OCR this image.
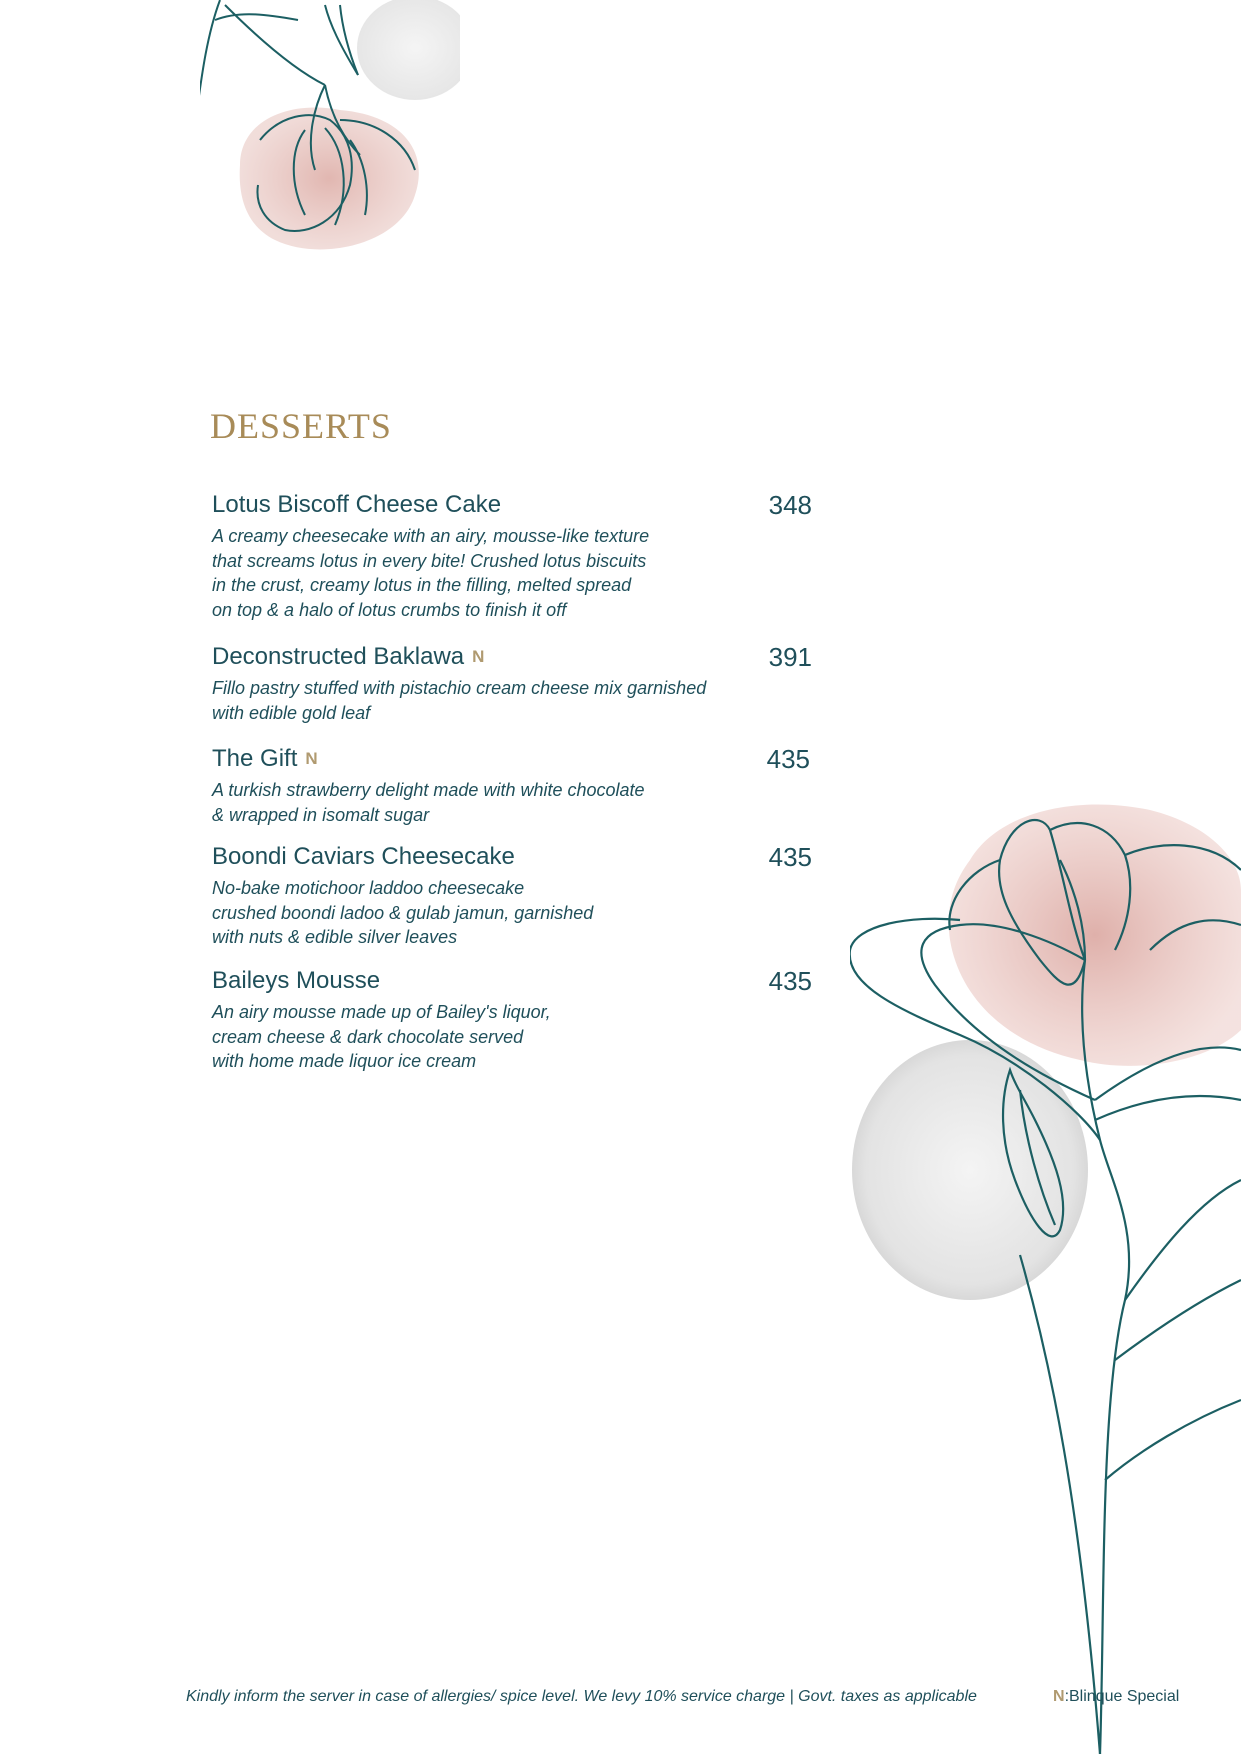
DESSERTS
Lotus Biscoff Cheese Cake	348
A creamy cheesecake with an airy, mousse-like texture
that screams lotus in every bite! Crushed lotus biscuits
in the crust, creamy lotus in the filling, melted spread
on top & a halo of lotus crumbs to finish it off
Deconstructed Baklawa N	391
Fillo pastry stuffed with pistachio cream cheese mix garnished
with edible gold leaf
The Gift N	435
A turkish strawberry delight made with white chocolate
& wrapped in isomalt sugar
Boondi Caviars Cheesecake	435
No-bake motichoor laddoo cheesecake
crushed boondi ladoo & gulab jamun, garnished
with nuts & edible silver leaves
Baileys Mousse	435
An airy mousse made up of Bailey's liquor,
cream cheese & dark chocolate served
with home made liquor ice cream
Kindly inform the server in case of allergies/ spice level. We levy 10% service charge | Govt. taxes as applicable	N:Blinque Special
